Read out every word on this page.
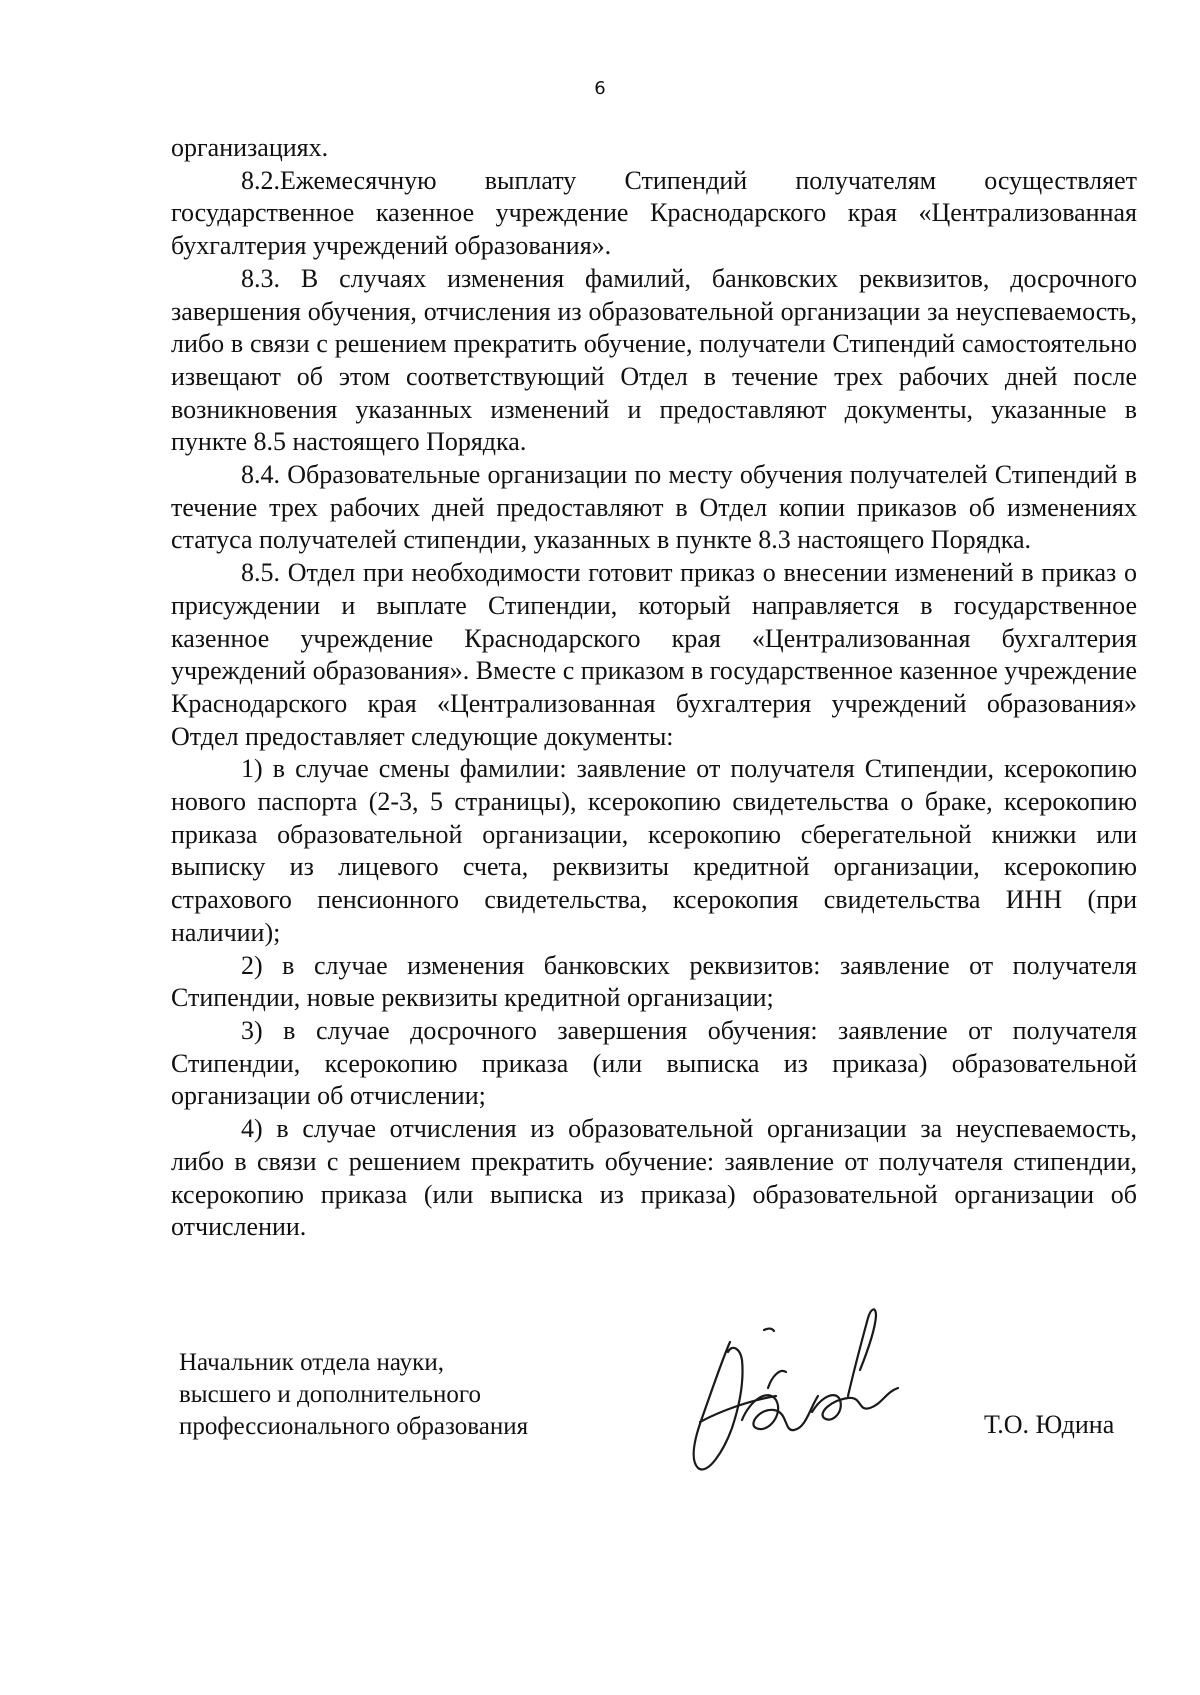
6

организациях.

8.2.Ежемесячную выплату Стипендий получателям осуществляет государственное казенное учреждение Краснодарского края «Централизованная бухгалтерия учреждений образования».

8.3. В случаях изменения фамилий, банковских реквизитов, досрочного завершения обучения, отчисления из образовательной организации за неуспеваемость, либо в связи с решением прекратить обучение, получатели Стипендий самостоятельно извещают об этом соответствующий Отдел в течение трех рабочих дней после возникновения указанных изменений и предоставляют документы, указанные в пункте 8.5 настоящего Порядка.

8.4. Образовательные организации по месту обучения получателей Стипендий в течение трех рабочих дней предоставляют в Отдел копии приказов об изменениях статуса получателей стипендии, указанных в пункте 8.3 настоящего Порядка.

8.5. Отдел при необходимости готовит приказ о внесении изменений в приказ о присуждении и выплате Стипендии, который направляется в государственное казенное учреждение Краснодарского края «Централизованная бухгалтерия учреждений образования». Вместе с приказом в государственное казенное учреждение Краснодарского края «Централизованная бухгалтерия учреждений образования» Отдел предоставляет следующие документы:

1) в случае смены фамилии: заявление от получателя Стипендии, ксерокопию нового паспорта (2-3, 5 страницы), ксерокопию свидетельства о браке, ксерокопию приказа образовательной организации, ксерокопию сберегательной книжки или выписку из лицевого счета, реквизиты кредитной организации, ксерокопию страхового пенсионного свидетельства, ксерокопия свидетельства ИНН (при наличии);

2) в случае изменения банковских реквизитов: заявление от получателя Стипендии, новые реквизиты кредитной организации;

3) в случае досрочного завершения обучения: заявление от получателя Стипендии, ксерокопию приказа (или выписка из приказа) образовательной организации об отчислении;

4) в случае отчисления из образовательной организации за неуспеваемость, либо в связи с решением прекратить обучение: заявление от получателя стипендии, ксерокопию приказа (или выписка из приказа) образовательной организации об отчислении.

Начальник отдела науки,
высшего и дополнительного
профессионального образования	Т.О. Юдина
